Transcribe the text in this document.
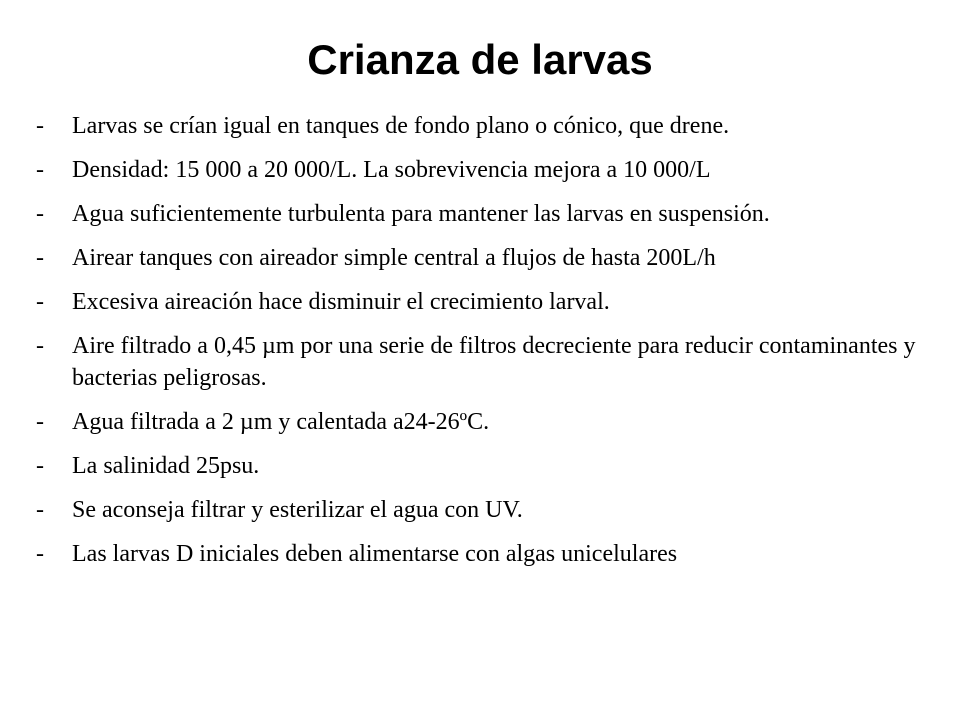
Crianza de larvas
-	Larvas se crían igual en tanques de fondo plano o cónico, que drene.
-	Densidad: 15 000 a 20 000/L. La sobrevivencia mejora a 10 000/L
-	Agua suficientemente turbulenta para mantener las larvas en suspensión.
-	Airear tanques con aireador simple central a flujos de hasta 200L/h
-	Excesiva aireación hace disminuir el crecimiento larval.
-	Aire filtrado a 0,45 µm por una serie de filtros decreciente para reducir contaminantes y bacterias peligrosas.
-	Agua filtrada a 2 µm y calentada a24-26ºC.
-	La salinidad 25psu.
-	Se aconseja filtrar y esterilizar el agua con UV.
-	Las larvas D iniciales deben alimentarse con algas unicelulares
